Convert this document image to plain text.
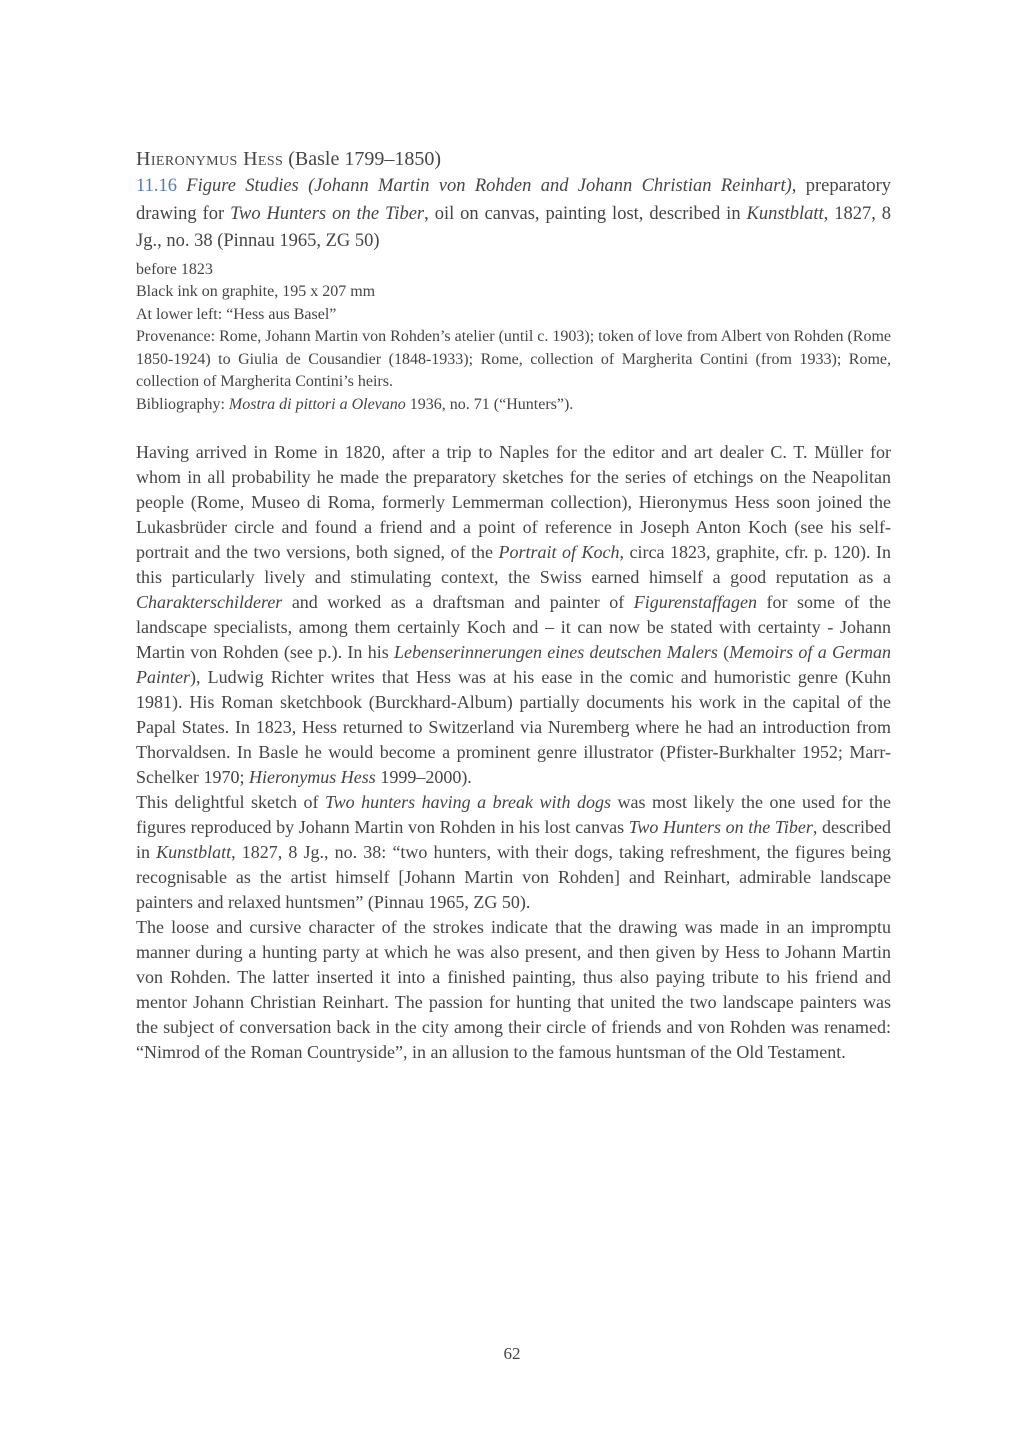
Hieronymus Hess (Basle 1799–1850)

11.16 Figure Studies (Johann Martin von Rohden and Johann Christian Reinhart), preparatory drawing for Two Hunters on the Tiber, oil on canvas, painting lost, described in Kunstblatt, 1827, 8 Jg., no. 38 (Pinnau 1965, ZG 50)

before 1823

Black ink on graphite, 195 x 207 mm

At lower left: “Hess aus Basel”

Provenance: Rome, Johann Martin von Rohden’s atelier (until c. 1903); token of love from Albert von Rohden (Rome 1850-1924) to Giulia de Cousandier (1848-1933); Rome, collection of Margherita Contini (from 1933); Rome, collection of Margherita Contini’s heirs.

Bibliography: Mostra di pittori a Olevano 1936, no. 71 (“Hunters”).

Having arrived in Rome in 1820, after a trip to Naples for the editor and art dealer C. T. Müller for whom in all probability he made the preparatory sketches for the series of etchings on the Neapolitan people (Rome, Museo di Roma, formerly Lemmerman collection), Hieronymus Hess soon joined the Lukasbrüder circle and found a friend and a point of reference in Joseph Anton Koch (see his self-portrait and the two versions, both signed, of the Portrait of Koch, circa 1823, graphite, cfr. p. 120). In this particularly lively and stimulating context, the Swiss earned himself a good reputation as a Charakterschilderer and worked as a draftsman and painter of Figurenstaffagen for some of the landscape specialists, among them certainly Koch and – it can now be stated with certainty - Johann Martin von Rohden (see p.). In his Lebenserinnerungen eines deutschen Malers (Memoirs of a German Painter), Ludwig Richter writes that Hess was at his ease in the comic and humoristic genre (Kuhn 1981). His Roman sketchbook (Burckhard-Album) partially documents his work in the capital of the Papal States. In 1823, Hess returned to Switzerland via Nuremberg where he had an introduction from Thorvaldsen. In Basle he would become a prominent genre illustrator (Pfister-Burkhalter 1952; Marr-Schelker 1970; Hieronymus Hess 1999–2000).

This delightful sketch of Two hunters having a break with dogs was most likely the one used for the figures reproduced by Johann Martin von Rohden in his lost canvas Two Hunters on the Tiber, described in Kunstblatt, 1827, 8 Jg., no. 38: “two hunters, with their dogs, taking refreshment, the figures being recognisable as the artist himself [Johann Martin von Rohden] and Reinhart, admirable landscape painters and relaxed huntsmen” (Pinnau 1965, ZG 50).

The loose and cursive character of the strokes indicate that the drawing was made in an impromptu manner during a hunting party at which he was also present, and then given by Hess to Johann Martin von Rohden. The latter inserted it into a finished painting, thus also paying tribute to his friend and mentor Johann Christian Reinhart. The passion for hunting that united the two landscape painters was the subject of conversation back in the city among their circle of friends and von Rohden was renamed: “Nimrod of the Roman Countryside”, in an allusion to the famous huntsman of the Old Testament.

62
